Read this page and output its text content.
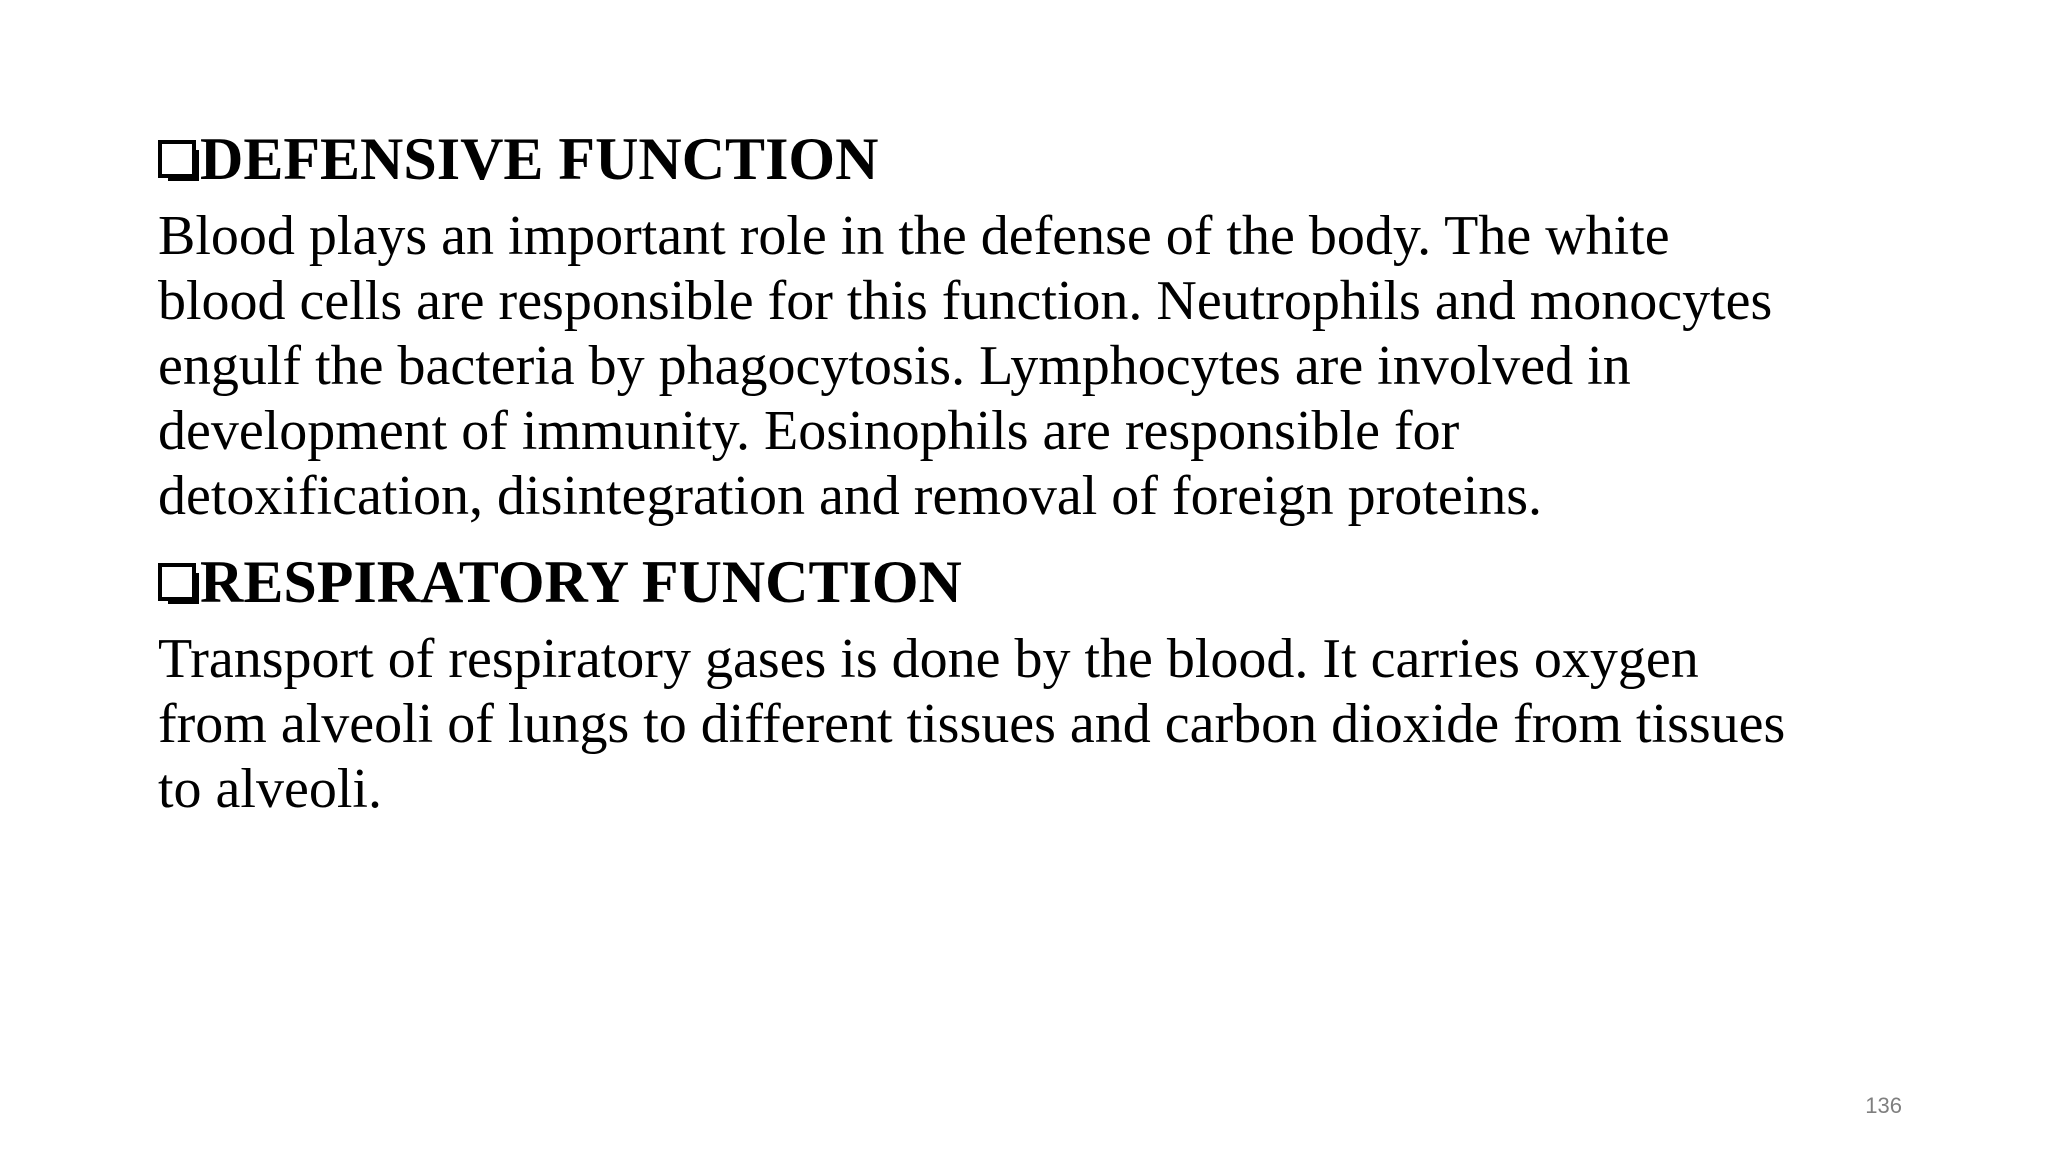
DEFENSIVE FUNCTION

Blood plays an important role in the defense of the body. The white
blood cells are responsible for this function. Neutrophils and monocytes
engulf the bacteria by phagocytosis. Lymphocytes are involved in
development of immunity. Eosinophils are responsible for
detoxification, disintegration and removal of foreign proteins.

RESPIRATORY FUNCTION

Transport of respiratory gases is done by the blood. It carries oxygen
from alveoli of lungs to different tissues and carbon dioxide from tissues
to alveoli.

136
